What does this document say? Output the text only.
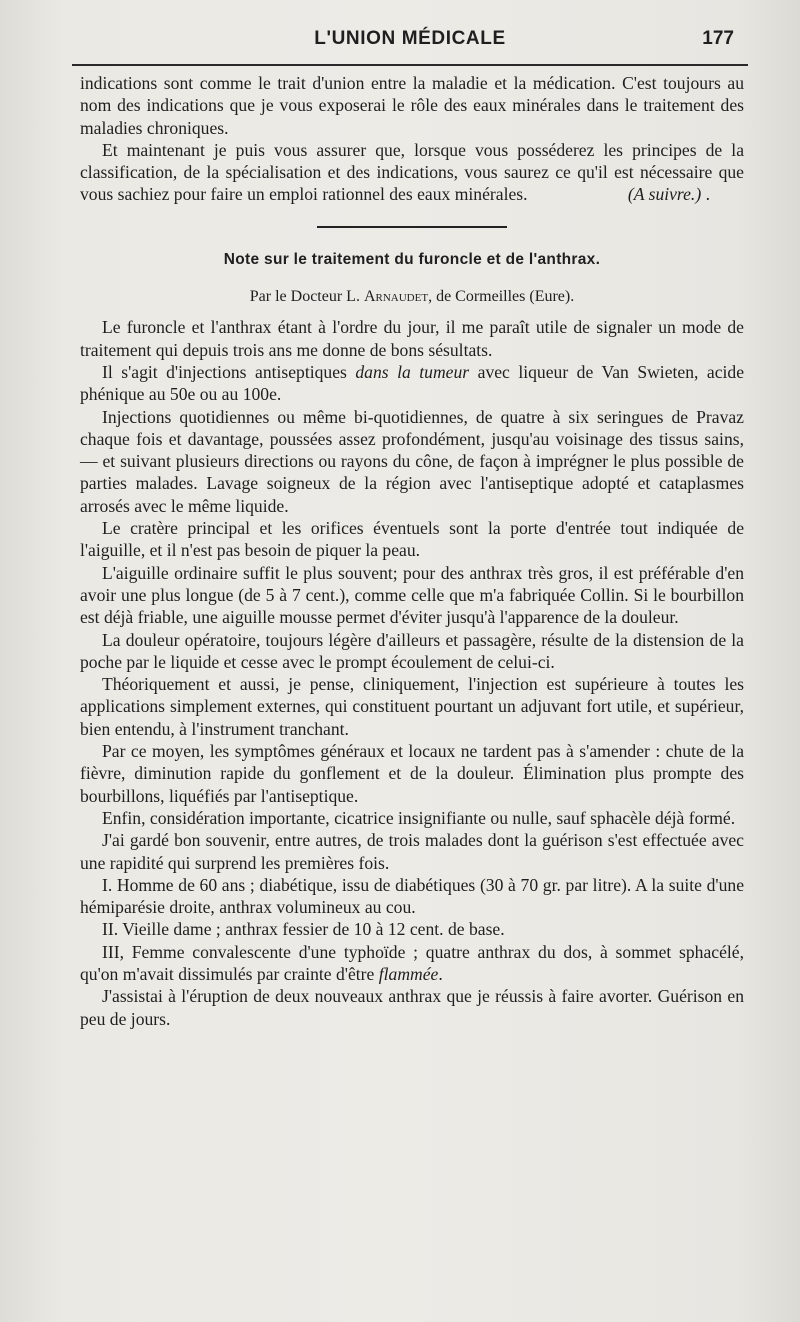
L'UNION MÉDICALE	177

indications sont comme le trait d'union entre la maladie et la médication. C'est toujours au nom des indications que je vous exposerai le rôle des eaux minérales dans le traitement des maladies chroniques.

Et maintenant je puis vous assurer que, lorsque vous posséderez les principes de la classification, de la spécialisation et des indications, vous saurez ce qu'il est nécessaire que vous sachiez pour faire un emploi rationnel des eaux minérales.	(A suivre.) .

Note sur le traitement du furoncle et de l'anthrax.
Par le Docteur L. Arnaudet, de Cormeilles (Eure).

Le furoncle et l'anthrax étant à l'ordre du jour, il me paraît utile de signaler un mode de traitement qui depuis trois ans me donne de bons sésultats.

Il s'agit d'injections antiseptiques dans la tumeur avec liqueur de Van Swieten, acide phénique au 50e ou au 100e.

Injections quotidiennes ou même bi-quotidiennes, de quatre à six seringues de Pravaz chaque fois et davantage, poussées assez profondément, jusqu'au voisinage des tissus sains, — et suivant plusieurs directions ou rayons du cône, de façon à imprégner le plus possible de parties malades. Lavage soigneux de la région avec l'antiseptique adopté et cataplasmes arrosés avec le même liquide.

Le cratère principal et les orifices éventuels sont la porte d'entrée tout indiquée de l'aiguille, et il n'est pas besoin de piquer la peau.

L'aiguille ordinaire suffit le plus souvent; pour des anthrax très gros, il est préférable d'en avoir une plus longue (de 5 à 7 cent.), comme celle que m'a fabriquée Collin. Si le bourbillon est déjà friable, une aiguille mousse permet d'éviter jusqu'à l'apparence de la douleur.

La douleur opératoire, toujours légère d'ailleurs et passagère, résulte de la distension de la poche par le liquide et cesse avec le prompt écoulement de celui-ci.

Théoriquement et aussi, je pense, cliniquement, l'injection est supérieure à toutes les applications simplement externes, qui constituent pourtant un adjuvant fort utile, et supérieur, bien entendu, à l'instrument tranchant.

Par ce moyen, les symptômes généraux et locaux ne tardent pas à s'amender : chute de la fièvre, diminution rapide du gonflement et de la douleur. Élimination plus prompte des bourbillons, liquéfiés par l'antiseptique.

Enfin, considération importante, cicatrice insignifiante ou nulle, sauf sphacèle déjà formé.

J'ai gardé bon souvenir, entre autres, de trois malades dont la guérison s'est effectuée avec une rapidité qui surprend les premières fois.

I. Homme de 60 ans ; diabétique, issu de diabétiques (30 à 70 gr. par litre). A la suite d'une hémiparésie droite, anthrax volumineux au cou.

II. Vieille dame ; anthrax fessier de 10 à 12 cent. de base.

III, Femme convalescente d'une typhoïde ; quatre anthrax du dos, à sommet sphacélé, qu'on m'avait dissimulés par crainte d'être flammée.

J'assistai à l'éruption de deux nouveaux anthrax que je réussis à faire avorter. Guérison en peu de jours.
